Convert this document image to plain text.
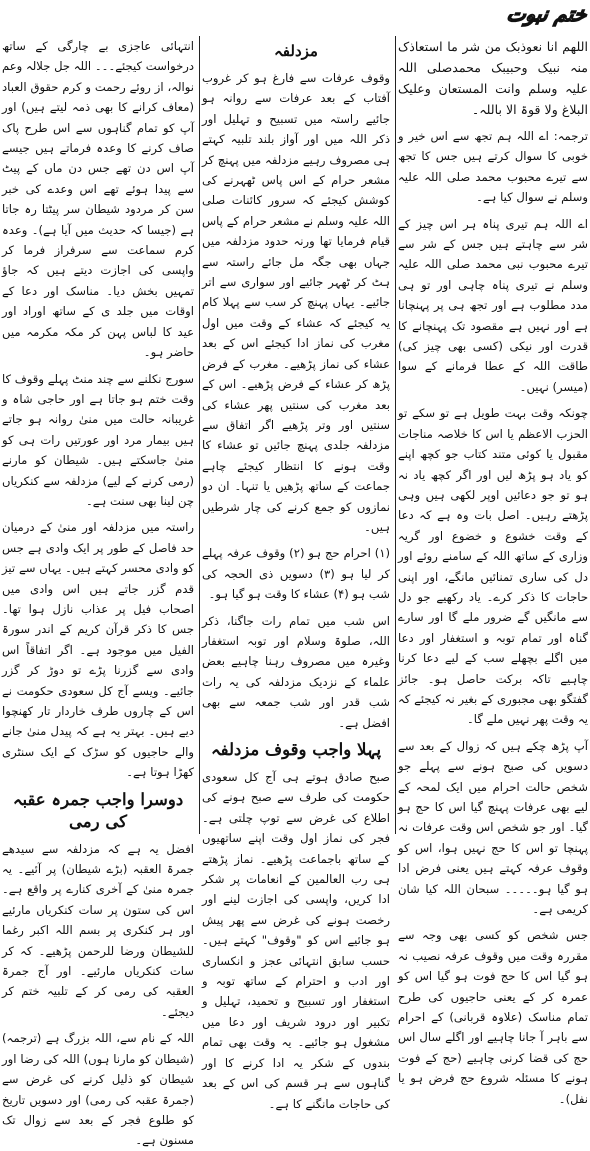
ختم نبوت

اللھم انا نعوذبک من شر ما استعاذک منہ نبیک وحبیبک محمدصلی اللہ علیہ وسلم وانت المستعان وعلیک البلاغ ولا قوۃ الا باللہ۔

ترجمہ: اے اللہ ہم تجھ سے اس خیر و خوبی کا سوال کرتے ہیں جس کا تجھ سے تیرے محبوب محمد صلی اللہ علیہ وسلم نے سوال کیا ہے۔

اے اللہ ہم تیری پناہ ہر اس چیز کے شر سے چاہتے ہیں جس کے شر سے تیرے محبوب نبی محمد صلی اللہ علیہ وسلم نے تیری پناہ چاہی اور تو ہی مدد مطلوب ہے اور تجھ ہی پر پہنچانا ہے اور نہیں ہے مقصود تک پہنچانے کا قدرت اور نیکی (کسی بھی چیز کی) طاقت اللہ کے عطا فرمانے کے سوا (میسر) نہیں۔

چونکہ وقت بہت طویل ہے تو سکے تو الحزب الاعظم یا اس کا خلاصہ مناجات مقبول یا کوئی متند کتاب جو کچھ اپنے کو یاد ہو پڑھ لیں اور اگر کچھ یاد نہ ہو تو جو دعائیں اوپر لکھی ہیں وہی پڑھتے رہیں۔ اصل بات وہ ہے کہ دعا کے وقت خشوع و خضوع اور گریہ وزاری کے ساتھ اللہ کے سامنے روئے اور دل کی ساری تمنائیں مانگے، اور اپنی حاجات کا ذکر کرے۔ یاد رکھیے جو دل سے مانگیں گے ضرور ملے گا اور سارے گناہ اور تمام توبہ و استغفار اور دعا میں اگلے بچھلے سب کے لیے دعا کرنا چاہیے تاکہ برکت حاصل ہو۔ جائز گفتگو بھی مجبوری کے بغیر نہ کیجئے کہ یہ وقت پھر نہیں ملے گا۔

آپ پڑھ چکے ہیں کہ زوال کے بعد سے دسویں کی صبح ہونے سے پہلے جو شخص حالت احرام میں ایک لمحہ کے لیے بھی عرفات پہنچ گیا اس کا حج ہو گیا۔ اور جو شخص اس وقت عرفات نہ پہنچا تو اس کا حج نہیں ہوا، اس کو وقوف عرفہ کہتے ہیں یعنی فرض ادا ہو گیا ہو۔۔۔۔۔ سبحان اللہ کیا شان کریمی ہے۔

جس شخص کو کسی بھی وجہ سے مقررہ وقت میں وقوف عرفہ نصیب نہ ہو گیا اس کا حج فوت ہو گیا اس کو عمرہ کر کے یعنی حاجیوں کی طرح تمام مناسک (علاوہ قربانی) کے احرام سے باہر آ جانا چاہیے اور اگلے سال اس حج کی قضا کرنی چاہیے (حج کے فوت ہونے کا مسئلہ شروع حج فرض ہو یا نفل)۔

مزدلفہ

وقوف عرفات سے فارغ ہو کر غروب آفتاب کے بعد عرفات سے روانہ ہو جائیے راستہ میں تسبیح و تہلیل اور ذکر اللہ میں اور آواز بلند تلبیہ کہتے ہی مصروف رہیے مزدلفہ میں پہنچ کر مشعر حرام کے اس پاس ٹھہرنے کی کوشش کیجئے کہ سرور کائنات صلی اللہ علیہ وسلم نے مشعر حرام کے پاس قیام فرمایا تھا ورنہ حدود مزدلفہ میں جہاں بھی جگہ مل جائے راستہ سے ہٹ کر ٹھہر جائیے اور سواری سے اتر جائیے۔ یہاں پہنچ کر سب سے پہلا کام یہ کیجئے کہ عشاء کے وقت میں اول مغرب کی نماز ادا کیجئے اس کے بعد عشاء کی نماز پڑھیے۔ مغرب کے فرض پڑھ کر عشاء کے فرض پڑھیے۔ اس کے بعد مغرب کی سنتیں پھر عشاء کی سنتیں اور وتر پڑھیے اگر اتفاق سے مزدلفہ جلدی پہنچ جائیں تو عشاء کا وقت ہونے کا انتظار کیجئے چاہے جماعت کے ساتھ پڑھیں یا تنہا۔ ان دو نمازوں کو جمع کرنے کی چار شرطیں ہیں۔

(۱) احرام حج ہو (۲) وقوف عرفہ پہلے کر لیا ہو (۳) دسویں ذی الحجہ کی شب ہو (۴) عشاء کا وقت ہو گیا ہو۔

اس شب میں تمام رات جاگنا، ذکر اللہ، صلوۃ وسلام اور توبہ استغفار وغیرہ میں مصروف رہنا چاہیے بعض علماء کے نزدیک مزدلفہ کی یہ رات شب قدر اور شب جمعہ سے بھی افضل ہے۔

پہلا واجب وقوف مزدلفہ

صبح صادق ہوتے ہی آج کل سعودی حکومت کی طرف سے صبح ہونے کی اطلاع کی غرض سے توپ چلتی ہے۔ فجر کی نماز اول وقت اپنے ساتھیوں کے ساتھ باجماعت پڑھیے۔ نماز پڑھتے ہی رب العالمین کے انعامات پر شکر ادا کریں، واپسی کی اجازت لینے اور رخصت ہونے کی غرض سے پھر پیش ہو جائیے اس کو "وقوف" کہتے ہیں۔ حسب سابق انتہائی عجز و انکساری اور ادب و احترام کے ساتھ توبہ و استغفار اور تسبیح و تحمید، تہلیل و تکبیر اور درود شریف اور دعا میں مشغول ہو جائیے۔ یہ وقت بھی تمام بندوں کے شکر یہ ادا کرنے کا اور گناہوں سے ہر قسم کی اس کے بعد کی حاجات مانگنے کا ہے۔

انتہائی عاجزی بے چارگی کے ساتھ درخواست کیجئے۔۔۔ اللہ جل جلالہ وعم نوالہ، از روئے رحمت و کرم حقوق العباد (معاف کرانے کا بھی ذمہ لیتے ہیں) اور آپ کو تمام گناہوں سے اس طرح پاک صاف کرنے کا وعدہ فرماتے ہیں جیسے آپ اس دن تھے جس دن ماں کے پیٹ سے پیدا ہوئے تھے اس وعدے کی خبر سن کر مردود شیطان سر پیٹتا رہ جاتا ہے (جیسا کہ حدیث میں آیا ہے)۔ وعدہ کرم سماعت سے سرفراز فرما کر واپسی کی اجازت دیتے ہیں کہ جاؤ تمہیں بخش دیا۔ مناسک اور دعا کے اوقات میں جلد ی کے ساتھ اوراد اور عید کا لباس پہن کر مکہ مکرمہ میں حاضر ہو۔

سورج نکلنے سے چند منٹ پہلے وقوف کا وقت ختم ہو جاتا ہے اور حاجی شاہ و غریبانہ حالت میں منیٰ روانہ ہو جاتے ہیں بیمار مرد اور عورتیں رات ہی کو منیٰ جاسکتے ہیں۔ شیطان کو مارنے (رمی کرنے کے لیے) مزدلفہ سے کنکریاں چن لینا بھی سنت ہے۔

راستہ میں مزدلفہ اور منیٰ کے درمیان حد فاصل کے طور پر ایک وادی ہے جس کو وادی محسر کہتے ہیں۔ یہاں سے تیز قدم گزر جاتے ہیں اس وادی میں اصحاب فیل پر عذاب نازل ہوا تھا۔ جس کا ذکر قرآن کریم کے اندر سورۃ الفیل میں موجود ہے۔ اگر اتفاقاً اس وادی سے گزرنا پڑے تو دوڑ کر گزر جائیے۔ ویسے آج کل سعودی حکومت نے اس کے چاروں طرف خاردار تار کھنچوا دیے ہیں۔ بہتر یہ ہے کہ پیدل منیٰ جانے والے حاجیوں کو سڑک کے ایک سنٹری کھڑا ہوتا ہے۔

دوسرا واجب جمرہ عقبہ کی رمی

افضل یہ ہے کہ مزدلفہ سے سیدھے جمرۃ العقبہ (بڑے شیطان) پر آئیے۔ یہ جمرہ منیٰ کے آخری کنارے پر واقع ہے۔ اس کی ستون پر سات کنکریاں مارئیے اور ہر کنکری پر بسم اللہ اکبر رغما للشیطان ورضا للرحمن پڑھیے۔ کہ کر سات کنکریاں مارئیے۔ اور آج جمرۃ العقبہ کی رمی کر کے تلبیہ ختم کر دیجئے۔

اللہ کے نام سے، اللہ بزرگ ہے (ترجمہ) (شیطان کو مارنا ہوں) اللہ کی رضا اور شیطان کو ذلیل کرنے کی غرض سے (جمرۃ عقبہ کی رمی) اور دسویں تاریخ کو طلوع فجر کے بعد سے زوال تک مسنون ہے۔
